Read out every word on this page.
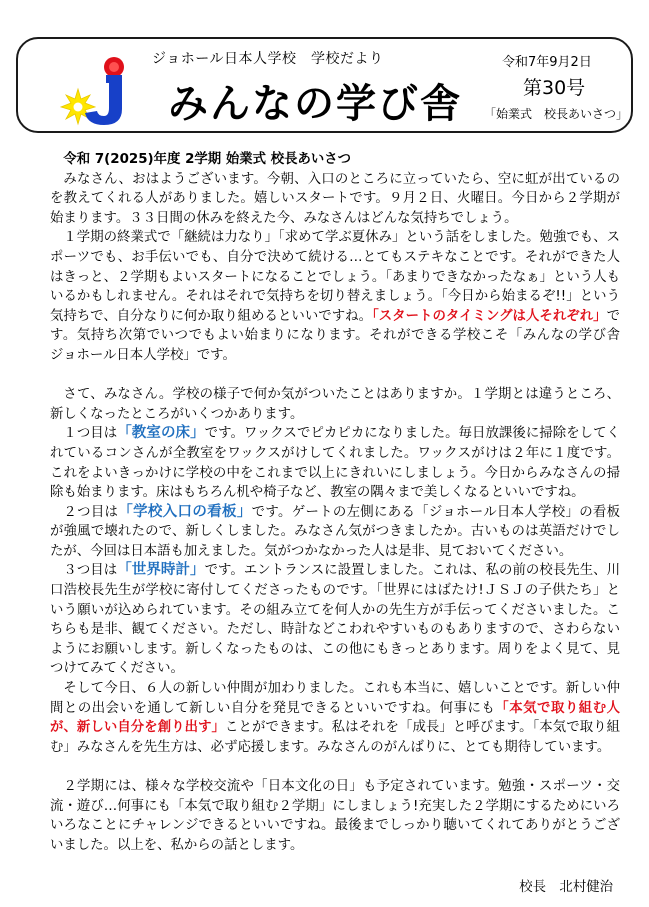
ジョホール日本人学校　学校だより
みんなの学び舎
令和7年9月2日
第30号
「始業式　校長あいさつ」

令和 7(2025)年度 2学期 始業式 校長あいさつ

みなさん、おはようございます。今朝、入口のところに立っていたら、空に虹が出ているのを教えてくれる人がありました。嬉しいスタートです。９月２日、火曜日。今日から２学期が始まります。３３日間の休みを終えた今、みなさんはどんな気持ちでしょう。

１学期の終業式で「継続は力なり」「求めて学ぶ夏休み」という話をしました。勉強でも、スポーツでも、お手伝いでも、自分で決めて続ける…とてもステキなことです。それができた人はきっと、２学期もよいスタートになることでしょう。「あまりできなかったなぁ」という人もいるかもしれません。それはそれで気持ちを切り替えましょう。「今日から始まるぞ!!」という気持ちで、自分なりに何か取り組めるといいですね。「スタートのタイミングは人それぞれ」です。気持ち次第でいつでもよい始まりになります。それができる学校こそ「みんなの学び舎　ジョホール日本人学校」です。

さて、みなさん。学校の様子で何か気がついたことはありますか。１学期とは違うところ、新しくなったところがいくつかあります。

１つ目は「教室の床」です。ワックスでピカピカになりました。毎日放課後に掃除をしてくれているコンさんが全教室をワックスがけしてくれました。ワックスがけは２年に１度です。これをよいきっかけに学校の中をこれまで以上にきれいにしましょう。今日からみなさんの掃除も始まります。床はもちろん机や椅子など、教室の隅々まで美しくなるといいですね。

２つ目は「学校入口の看板」です。ゲートの左側にある「ジョホール日本人学校」の看板が強風で壊れたので、新しくしました。みなさん気がつきましたか。古いものは英語だけでしたが、今回は日本語も加えました。気がつかなかった人は是非、見ておいてください。

３つ目は「世界時計」です。エントランスに設置しました。これは、私の前の校長先生、川口浩校長先生が学校に寄付してくださったものです。「世界にはばたけ!ＪＳＪの子供たち」という願いが込められています。その組み立てを何人かの先生方が手伝ってくださいました。こちらも是非、観てください。ただし、時計などこわれやすいものもありますので、さわらないようにお願いします。新しくなったものは、この他にもきっとあります。周りをよく見て、見つけてみてください。

そして今日、６人の新しい仲間が加わりました。これも本当に、嬉しいことです。新しい仲間との出会いを通して新しい自分を発見できるといいですね。何事にも「本気で取り組む人が、新しい自分を創り出す」ことができます。私はそれを「成長」と呼びます。「本気で取り組む」みなさんを先生方は、必ず応援します。みなさんのがんばりに、とても期待しています。

２学期には、様々な学校交流や「日本文化の日」も予定されています。勉強・スポーツ・交流・遊び…何事にも「本気で取り組む２学期」にしましょう!充実した２学期にするためにいろいろなことにチャレンジできるといいですね。最後までしっかり聴いてくれてありがとうございました。以上を、私からの話とします。

校長　北村健治
